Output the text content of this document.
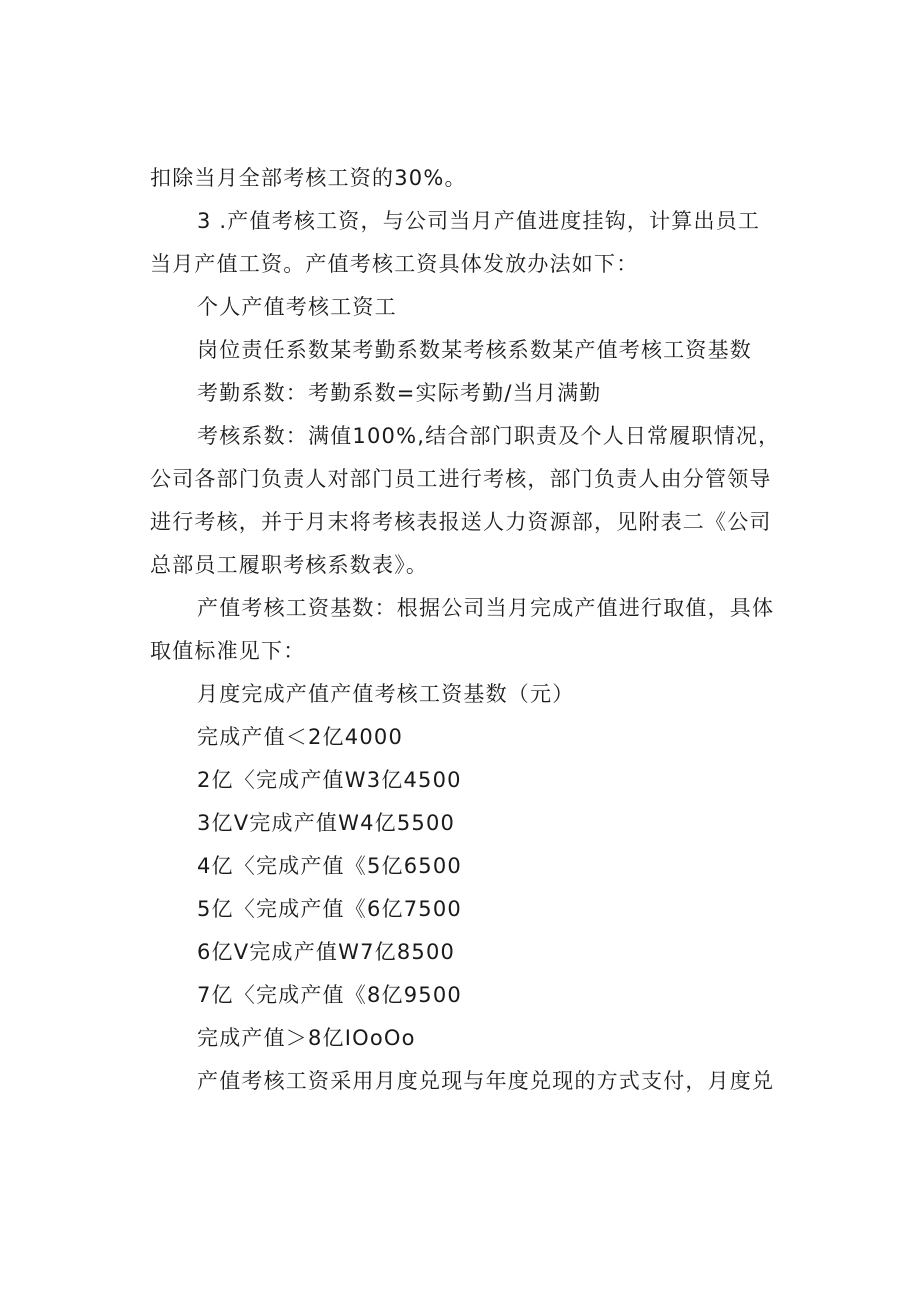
扣除当月全部考核工资的30%。
3 .产值考核工资，与公司当月产值进度挂钩，计算出员工
当月产值工资。产值考核工资具体发放办法如下：
个人产值考核工资工
岗位责任系数某考勤系数某考核系数某产值考核工资基数
考勤系数：考勤系数=实际考勤/当月满勤
考核系数：满值100%,结合部门职责及个人日常履职情况，
公司各部门负责人对部门员工进行考核，部门负责人由分管领导
进行考核，并于月末将考核表报送人力资源部，见附表二《公司
总部员工履职考核系数表》。
产值考核工资基数：根据公司当月完成产值进行取值，具体
取值标准见下：
月度完成产值产值考核工资基数（元）
完成产值＜2亿4000
2亿〈完成产值W3亿4500
3亿V完成产值W4亿5500
4亿〈完成产值《5亿6500
5亿〈完成产值《6亿7500
6亿V完成产值W7亿8500
7亿〈完成产值《8亿9500
完成产值＞8亿IOoOo
产值考核工资采用月度兑现与年度兑现的方式支付，月度兑
